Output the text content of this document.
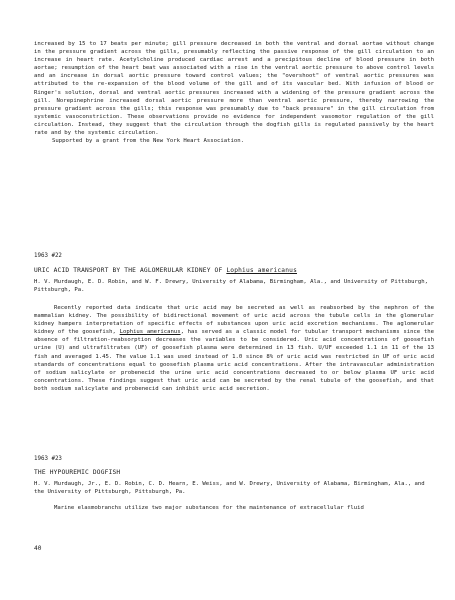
increased by 15 to 17 beats per minute; gill pressure decreased in both the ventral and dorsal aortae without change in the pressure gradient across the gills, presumably reflecting the passive response of the gill circulation to an increase in heart rate. Acetylcholine produced cardiac arrest and a precipitous decline of blood pressure in both aortae; resumption of the heart beat was associated with a rise in the ventral aortic pressure to above control levels and an increase in dorsal aortic pressure toward control values; the "overshoot" of ventral aortic pressures was attributed to the re-expansion of the blood volume of the gill and of its vascular bed. With infusion of blood or Ringer's solution, dorsal and ventral aortic pressures increased with a widening of the pressure gradient across the gill. Norepinephrine increased dorsal aortic pressure more than ventral aortic pressure, thereby narrowing the pressure gradient across the gills; this response was presumably due to "back pressure" in the gill circulation from systemic vasoconstriction. These observations provide no evidence for independent vasomotor regulation of the gill circulation. Instead, they suggest that the circulation through the dogfish gills is regulated passively by the heart rate and by the systemic circulation.

Supported by a grant from the New York Heart Association.

1963 #22
URIC ACID TRANSPORT BY THE AGLOMERULAR KIDNEY OF Lophius americanus
H. V. Murdaugh, E. D. Robin, and W. F. Drewry, University of Alabama, Birmingham, Ala., and University of Pittsburgh, Pittsburgh, Pa.

Recently reported data indicate that uric acid may be secreted as well as reabsorbed by the nephron of the mammalian kidney. The possibility of bidirectional movement of uric acid across the tubule cells in the glomerular kidney hampers interpretation of specific effects of substances upon uric acid excretion mechanisms. The aglomerular kidney of the goosefish, Lophius americanus, has served as a classic model for tubular transport mechanisms since the absence of filtration-reabsorption decreases the variables to be considered. Uric acid concentrations of goosefish urine (U) and ultrafiltrates (UF) of goosefish plasma were determined in 13 fish. U/UF exceeded 1.1 in 11 of the 13 fish and averaged 1.45. The value 1.1 was used instead of 1.0 since 8% of uric acid was restricted in UF of uric acid standards of concentrations equal to goosefish plasma uric acid concentrations. After the intravascular administration of sodium salicylate or probenecid the urine uric acid concentrations decreased to or below plasma UF uric acid concentrations. These findings suggest that uric acid can be secreted by the renal tubule of the goosefish, and that both sodium salicylate and probenecid can inhibit uric acid secretion.

1963 #23
THE HYPOUREMIC DOGFISH
H. V. Murdaugh, Jr., E. D. Robin, C. D. Hearn, E. Weiss, and W. Drewry, University of Alabama, Birmingham, Ala., and the University of Pittsburgh, Pittsburgh, Pa.

Marine elasmobranchs utilize two major substances for the maintenance of extracellular fluid

40
